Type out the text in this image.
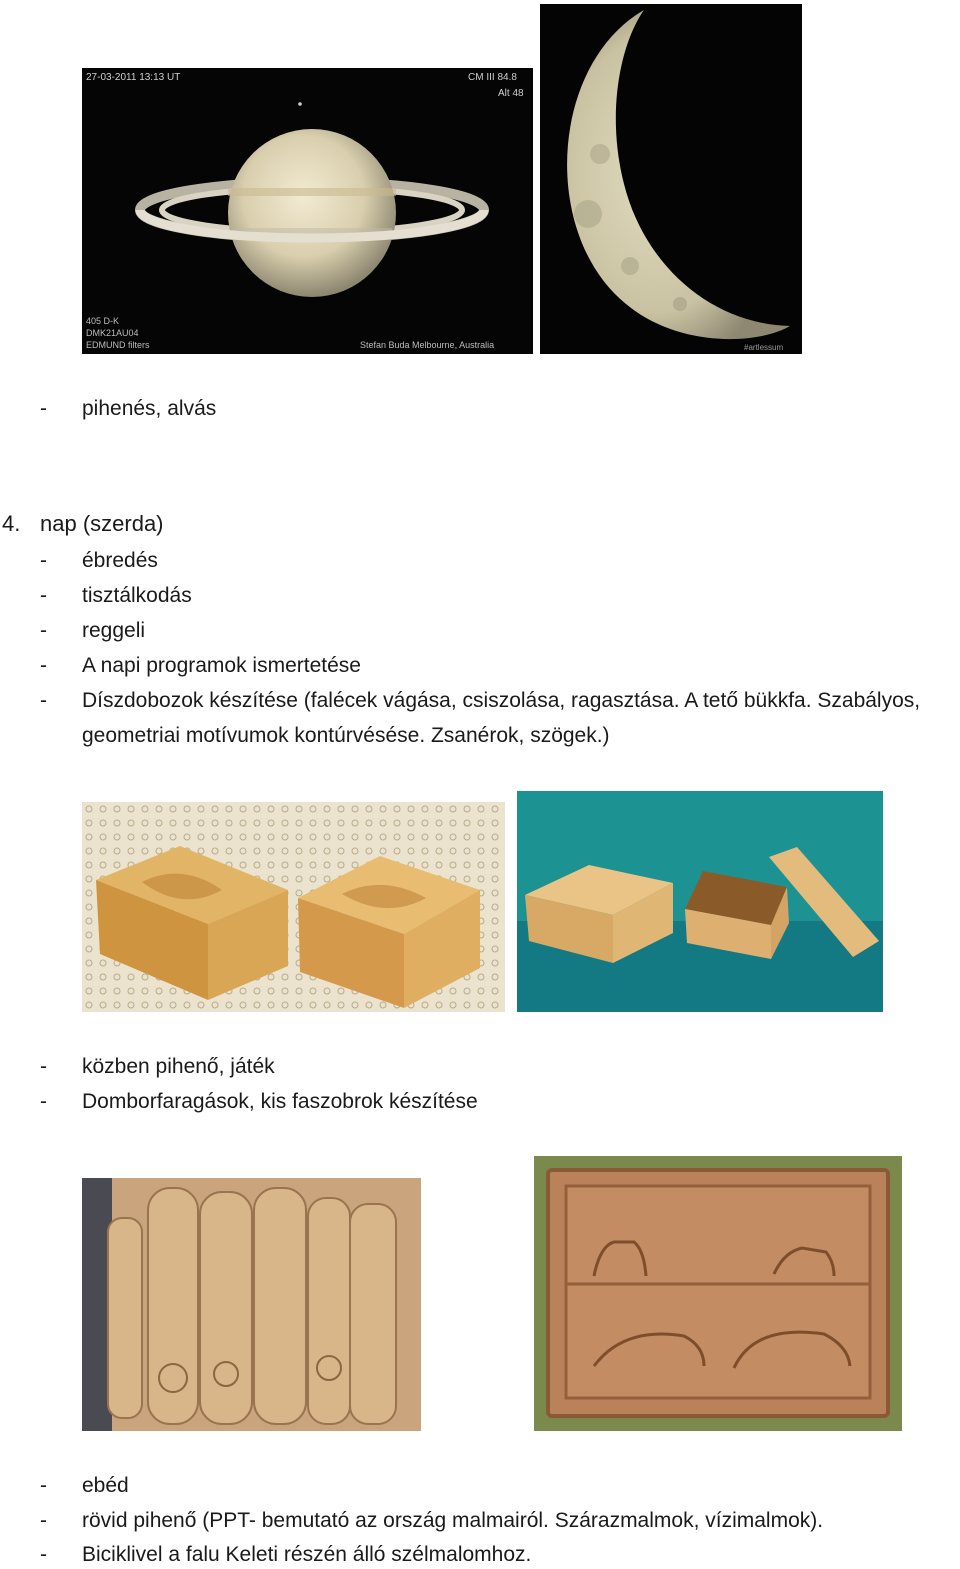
27-03-2011 13:13 UT	CM III 84.8
Alt 48
405 D-K
DMK21AU04
EDMUND filters	Stefan Buda Melbourne, Australia	#artlessum
- pihenés, alvás
4. nap (szerda)
- ébredés
- tisztálkodás
- reggeli
- A napi programok ismertetése
- Díszdobozok készítése (falécek vágása, csiszolása, ragasztása. A tető bükkfa. Szabályos,
geometriai motívumok kontúrvésése. Zsanérok, szögek.)
- közben pihenő, játék
- Domborfaragások, kis faszobrok készítése
- ebéd
- rövid pihenő (PPT- bemutató az ország malmairól. Szárazmalmok, vízimalmok).
- Biciklivel a falu Keleti részén álló szélmalomhoz.
